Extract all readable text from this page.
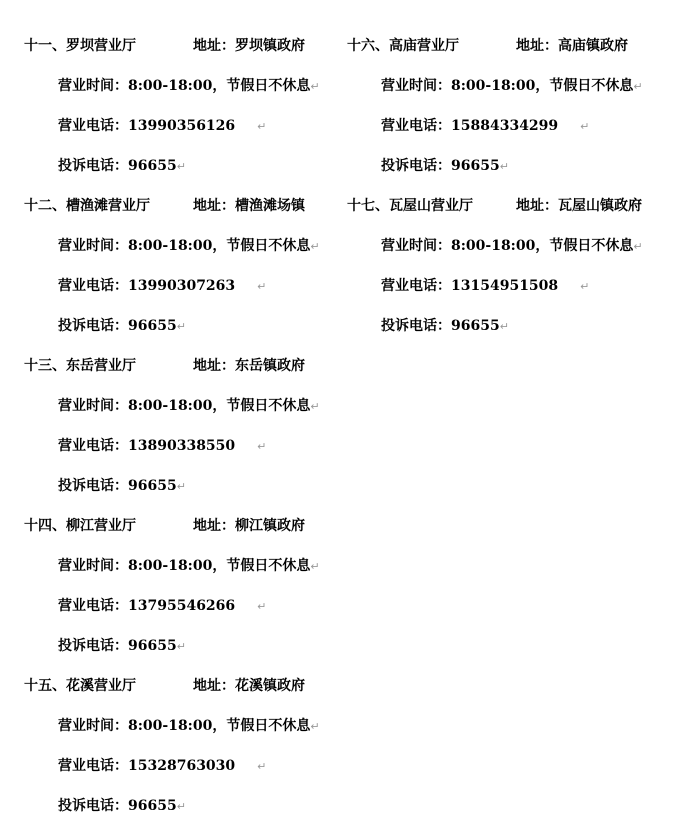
十一、罗坝营业厅	地址：罗坝镇政府
营业时间：8:00-18:00，节假日不休息↵
营业电话：13990356126 ↵
投诉电话：96655↵
十二、槽渔滩营业厅	地址：槽渔滩场镇
营业时间：8:00-18:00，节假日不休息↵
营业电话：13990307263 ↵
投诉电话：96655↵
十三、东岳营业厅	地址：东岳镇政府
营业时间：8:00-18:00，节假日不休息↵
营业电话：13890338550 ↵
投诉电话：96655↵
十四、柳江营业厅	地址：柳江镇政府
营业时间：8:00-18:00，节假日不休息↵
营业电话：13795546266 ↵
投诉电话：96655↵
十五、花溪营业厅	地址：花溪镇政府
营业时间：8:00-18:00，节假日不休息↵
营业电话：15328763030 ↵
投诉电话：96655↵
十六、高庙营业厅	地址：高庙镇政府
营业时间：8:00-18:00，节假日不休息↵
营业电话：15884334299 ↵
投诉电话：96655↵
十七、瓦屋山营业厅	地址：瓦屋山镇政府
营业时间：8:00-18:00，节假日不休息↵
营业电话：13154951508 ↵
投诉电话：96655↵
